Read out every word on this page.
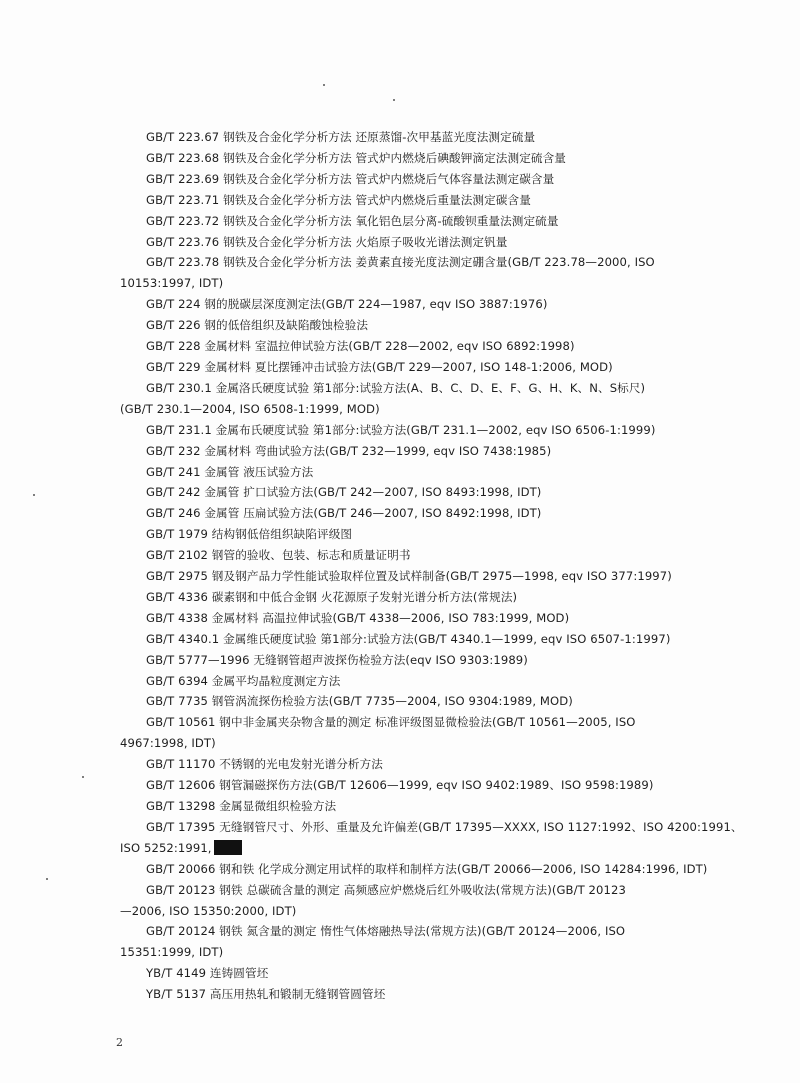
GB/T 223.67 钢铁及合金化学分析方法 还原蒸馏-次甲基蓝光度法测定硫量
GB/T 223.68 钢铁及合金化学分析方法 管式炉内燃烧后碘酸钾滴定法测定硫含量
GB/T 223.69 钢铁及合金化学分析方法 管式炉内燃烧后气体容量法测定碳含量
GB/T 223.71 钢铁及合金化学分析方法 管式炉内燃烧后重量法测定碳含量
GB/T 223.72 钢铁及合金化学分析方法 氧化铝色层分离-硫酸钡重量法测定硫量
GB/T 223.76 钢铁及合金化学分析方法 火焰原子吸收光谱法测定钒量
GB/T 223.78 钢铁及合金化学分析方法 姜黄素直接光度法测定硼含量(GB/T 223.78—2000, ISO
10153:1997, IDT)
GB/T 224 钢的脱碳层深度测定法(GB/T 224—1987, eqv ISO 3887:1976)
GB/T 226 钢的低倍组织及缺陷酸蚀检验法
GB/T 228 金属材料 室温拉伸试验方法(GB/T 228—2002, eqv ISO 6892:1998)
GB/T 229 金属材料 夏比摆锤冲击试验方法(GB/T 229—2007, ISO 148-1:2006, MOD)
GB/T 230.1 金属洛氏硬度试验 第1部分:试验方法(A、B、C、D、E、F、G、H、K、N、S标尺)
(GB/T 230.1—2004, ISO 6508-1:1999, MOD)
GB/T 231.1 金属布氏硬度试验 第1部分:试验方法(GB/T 231.1—2002, eqv ISO 6506-1:1999)
GB/T 232 金属材料 弯曲试验方法(GB/T 232—1999, eqv ISO 7438:1985)
GB/T 241 金属管 液压试验方法
GB/T 242 金属管 扩口试验方法(GB/T 242—2007, ISO 8493:1998, IDT)
GB/T 246 金属管 压扁试验方法(GB/T 246—2007, ISO 8492:1998, IDT)
GB/T 1979 结构钢低倍组织缺陷评级图
GB/T 2102 钢管的验收、包装、标志和质量证明书
GB/T 2975 钢及钢产品力学性能试验取样位置及试样制备(GB/T 2975—1998, eqv ISO 377:1997)
GB/T 4336 碳素钢和中低合金钢 火花源原子发射光谱分析方法(常规法)
GB/T 4338 金属材料 高温拉伸试验(GB/T 4338—2006, ISO 783:1999, MOD)
GB/T 4340.1 金属维氏硬度试验 第1部分:试验方法(GB/T 4340.1—1999, eqv ISO 6507-1:1997)
GB/T 5777—1996 无缝钢管超声波探伤检验方法(eqv ISO 9303:1989)
GB/T 6394 金属平均晶粒度测定方法
GB/T 7735 钢管涡流探伤检验方法(GB/T 7735—2004, ISO 9304:1989, MOD)
GB/T 10561 钢中非金属夹杂物含量的测定 标准评级图显微检验法(GB/T 10561—2005, ISO
4967:1998, IDT)
GB/T 11170 不锈钢的光电发射光谱分析方法
GB/T 12606 钢管漏磁探伤方法(GB/T 12606—1999, eqv ISO 9402:1989、ISO 9598:1989)
GB/T 13298 金属显微组织检验方法
GB/T 17395 无缝钢管尺寸、外形、重量及允许偏差(GB/T 17395—XXXX, ISO 1127:1992、ISO 4200:1991、
ISO 5252:1991,
GB/T 20066 钢和铁 化学成分测定用试样的取样和制样方法(GB/T 20066—2006, ISO 14284:1996, IDT)
GB/T 20123 钢铁 总碳硫含量的测定 高频感应炉燃烧后红外吸收法(常规方法)(GB/T 20123
—2006, ISO 15350:2000, IDT)
GB/T 20124 钢铁 氮含量的测定 惰性气体熔融热导法(常规方法)(GB/T 20124—2006, ISO
15351:1999, IDT)
YB/T 4149 连铸圆管坯
YB/T 5137 高压用热轧和锻制无缝钢管圆管坯
2
